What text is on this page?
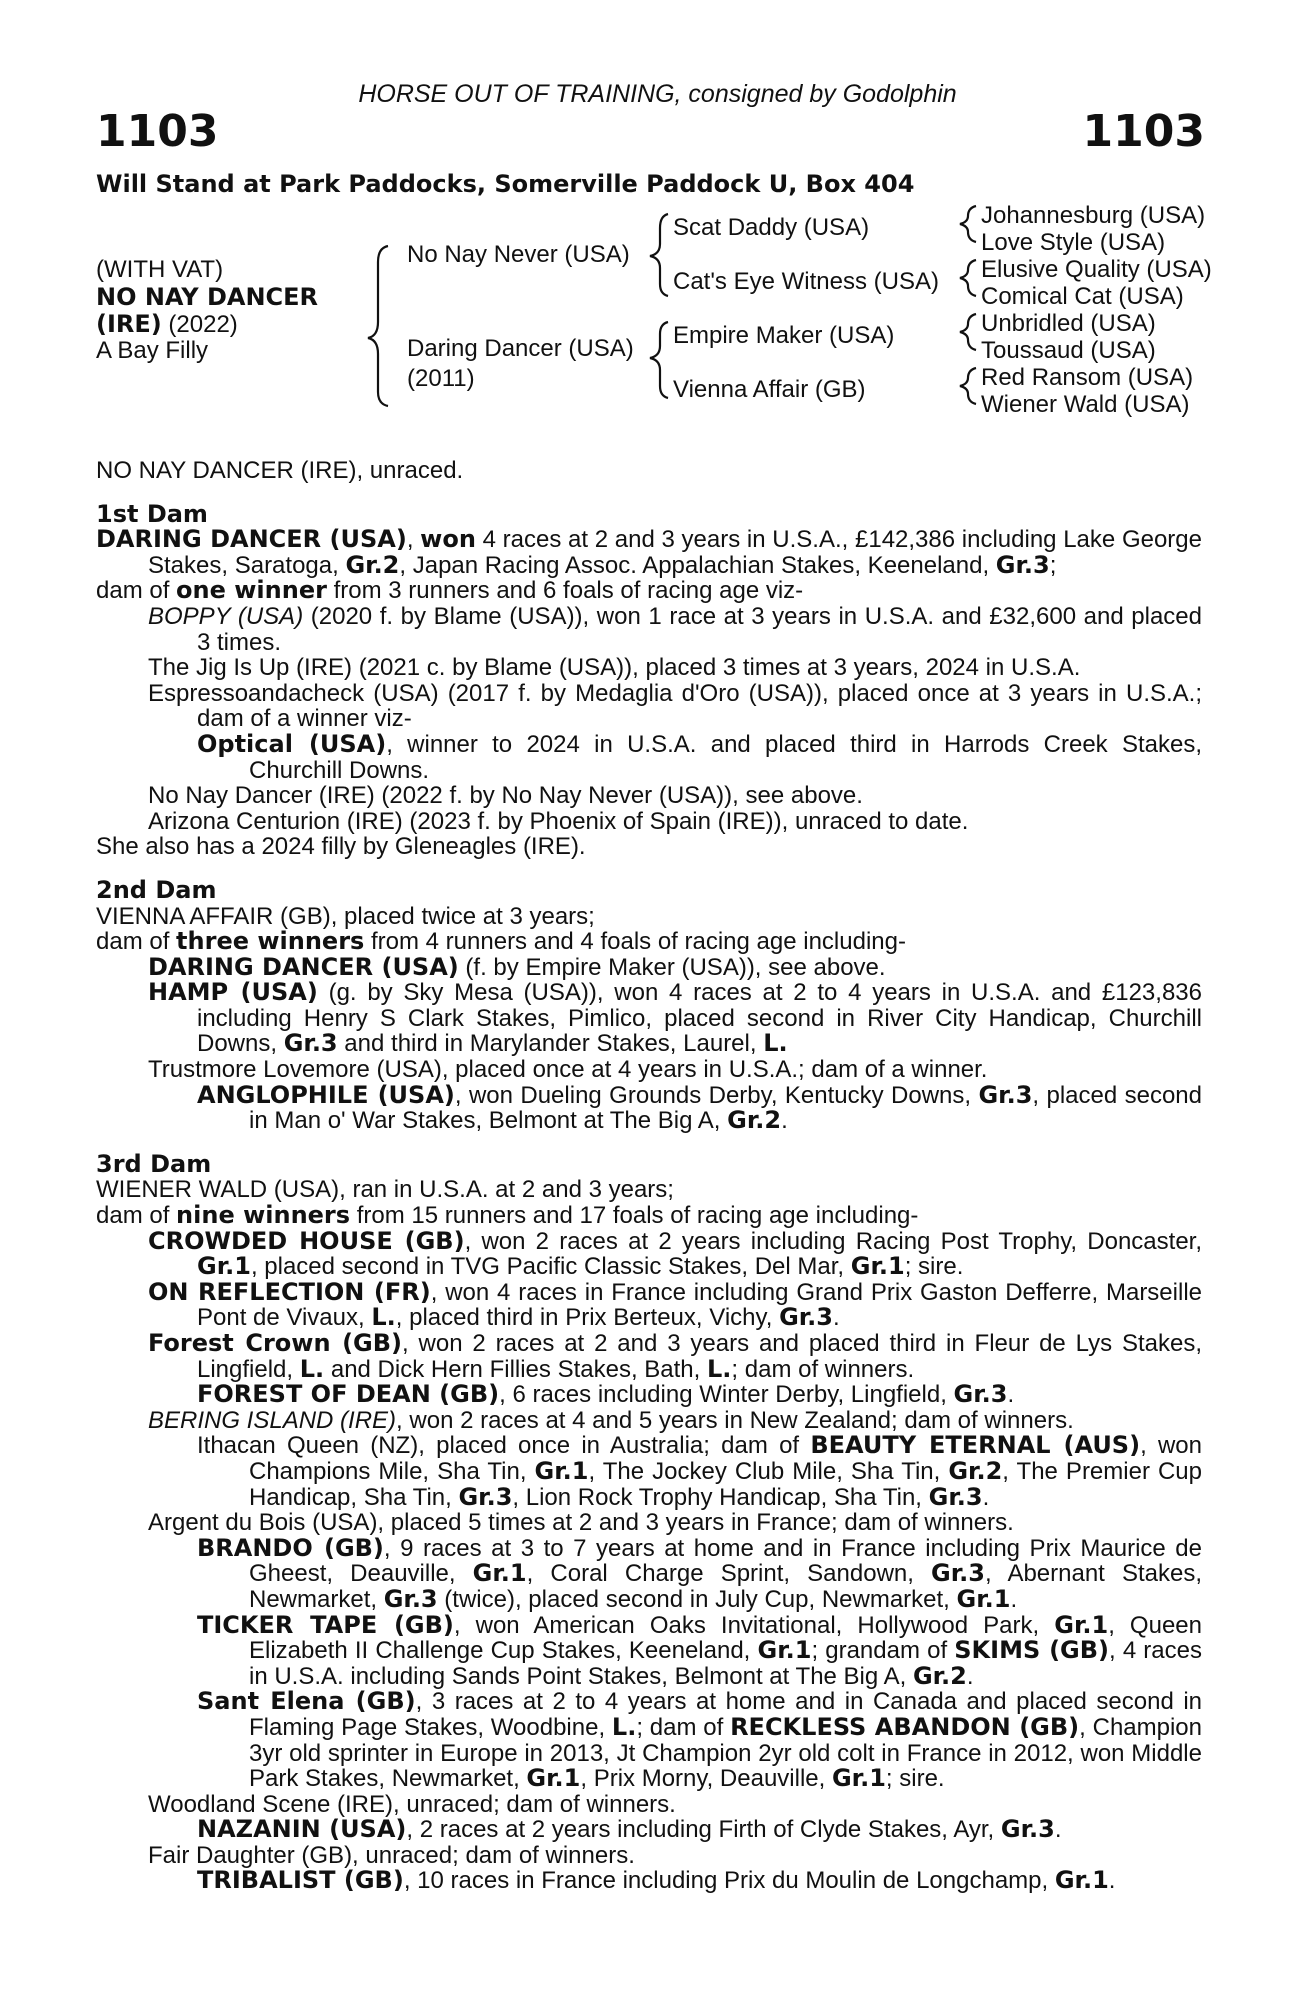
HORSE OUT OF TRAINING, consigned by Godolphin
1103	1103
Will Stand at Park Paddocks, Somerville Paddock U, Box 404
(WITH VAT)
NO NAY DANCER
(IRE) (2022)
A Bay Filly
No Nay Never (USA)
Daring Dancer (USA)
(2011)
Scat Daddy (USA)
Cat's Eye Witness (USA)
Empire Maker (USA)
Vienna Affair (GB)
Johannesburg (USA)
Love Style (USA)
Elusive Quality (USA)
Comical Cat (USA)
Unbridled (USA)
Toussaud (USA)
Red Ransom (USA)
Wiener Wald (USA)

NO NAY DANCER (IRE), unraced.

1st Dam

DARING DANCER (USA), won 4 races at 2 and 3 years in U.S.A., £142,386 including Lake George Stakes, Saratoga, Gr.2, Japan Racing Assoc. Appalachian Stakes, Keeneland, Gr.3;

dam of one winner from 3 runners and 6 foals of racing age viz-

BOPPY (USA) (2020 f. by Blame (USA)), won 1 race at 3 years in U.S.A. and £32,600 and placed 3 times.

The Jig Is Up (IRE) (2021 c. by Blame (USA)), placed 3 times at 3 years, 2024 in U.S.A.

Espressoandacheck (USA) (2017 f. by Medaglia d'Oro (USA)), placed once at 3 years in U.S.A.; dam of a winner viz-

Optical (USA), winner to 2024 in U.S.A. and placed third in Harrods Creek Stakes, Churchill Downs.

No Nay Dancer (IRE) (2022 f. by No Nay Never (USA)), see above.

Arizona Centurion (IRE) (2023 f. by Phoenix of Spain (IRE)), unraced to date.

She also has a 2024 filly by Gleneagles (IRE).

2nd Dam

VIENNA AFFAIR (GB), placed twice at 3 years;

dam of three winners from 4 runners and 4 foals of racing age including-

DARING DANCER (USA) (f. by Empire Maker (USA)), see above.

HAMP (USA) (g. by Sky Mesa (USA)), won 4 races at 2 to 4 years in U.S.A. and £123,836 including Henry S Clark Stakes, Pimlico, placed second in River City Handicap, Churchill Downs, Gr.3 and third in Marylander Stakes, Laurel, L.

Trustmore Lovemore (USA), placed once at 4 years in U.S.A.; dam of a winner.

ANGLOPHILE (USA), won Dueling Grounds Derby, Kentucky Downs, Gr.3, placed second in Man o' War Stakes, Belmont at The Big A, Gr.2.

3rd Dam

WIENER WALD (USA), ran in U.S.A. at 2 and 3 years;

dam of nine winners from 15 runners and 17 foals of racing age including-

CROWDED HOUSE (GB), won 2 races at 2 years including Racing Post Trophy, Doncaster, Gr.1, placed second in TVG Pacific Classic Stakes, Del Mar, Gr.1; sire.

ON REFLECTION (FR), won 4 races in France including Grand Prix Gaston Defferre, Marseille Pont de Vivaux, L., placed third in Prix Berteux, Vichy, Gr.3.

Forest Crown (GB), won 2 races at 2 and 3 years and placed third in Fleur de Lys Stakes, Lingfield, L. and Dick Hern Fillies Stakes, Bath, L.; dam of winners.

FOREST OF DEAN (GB), 6 races including Winter Derby, Lingfield, Gr.3.

BERING ISLAND (IRE), won 2 races at 4 and 5 years in New Zealand; dam of winners.

Ithacan Queen (NZ), placed once in Australia; dam of BEAUTY ETERNAL (AUS), won Champions Mile, Sha Tin, Gr.1, The Jockey Club Mile, Sha Tin, Gr.2, The Premier Cup Handicap, Sha Tin, Gr.3, Lion Rock Trophy Handicap, Sha Tin, Gr.3.

Argent du Bois (USA), placed 5 times at 2 and 3 years in France; dam of winners.

BRANDO (GB), 9 races at 3 to 7 years at home and in France including Prix Maurice de Gheest, Deauville, Gr.1, Coral Charge Sprint, Sandown, Gr.3, Abernant Stakes, Newmarket, Gr.3 (twice), placed second in July Cup, Newmarket, Gr.1.

TICKER TAPE (GB), won American Oaks Invitational, Hollywood Park, Gr.1, Queen Elizabeth II Challenge Cup Stakes, Keeneland, Gr.1; grandam of SKIMS (GB), 4 races in U.S.A. including Sands Point Stakes, Belmont at The Big A, Gr.2.

Sant Elena (GB), 3 races at 2 to 4 years at home and in Canada and placed second in Flaming Page Stakes, Woodbine, L.; dam of RECKLESS ABANDON (GB), Champion 3yr old sprinter in Europe in 2013, Jt Champion 2yr old colt in France in 2012, won Middle Park Stakes, Newmarket, Gr.1, Prix Morny, Deauville, Gr.1; sire.

Woodland Scene (IRE), unraced; dam of winners.

NAZANIN (USA), 2 races at 2 years including Firth of Clyde Stakes, Ayr, Gr.3.

Fair Daughter (GB), unraced; dam of winners.

TRIBALIST (GB), 10 races in France including Prix du Moulin de Longchamp, Gr.1.
